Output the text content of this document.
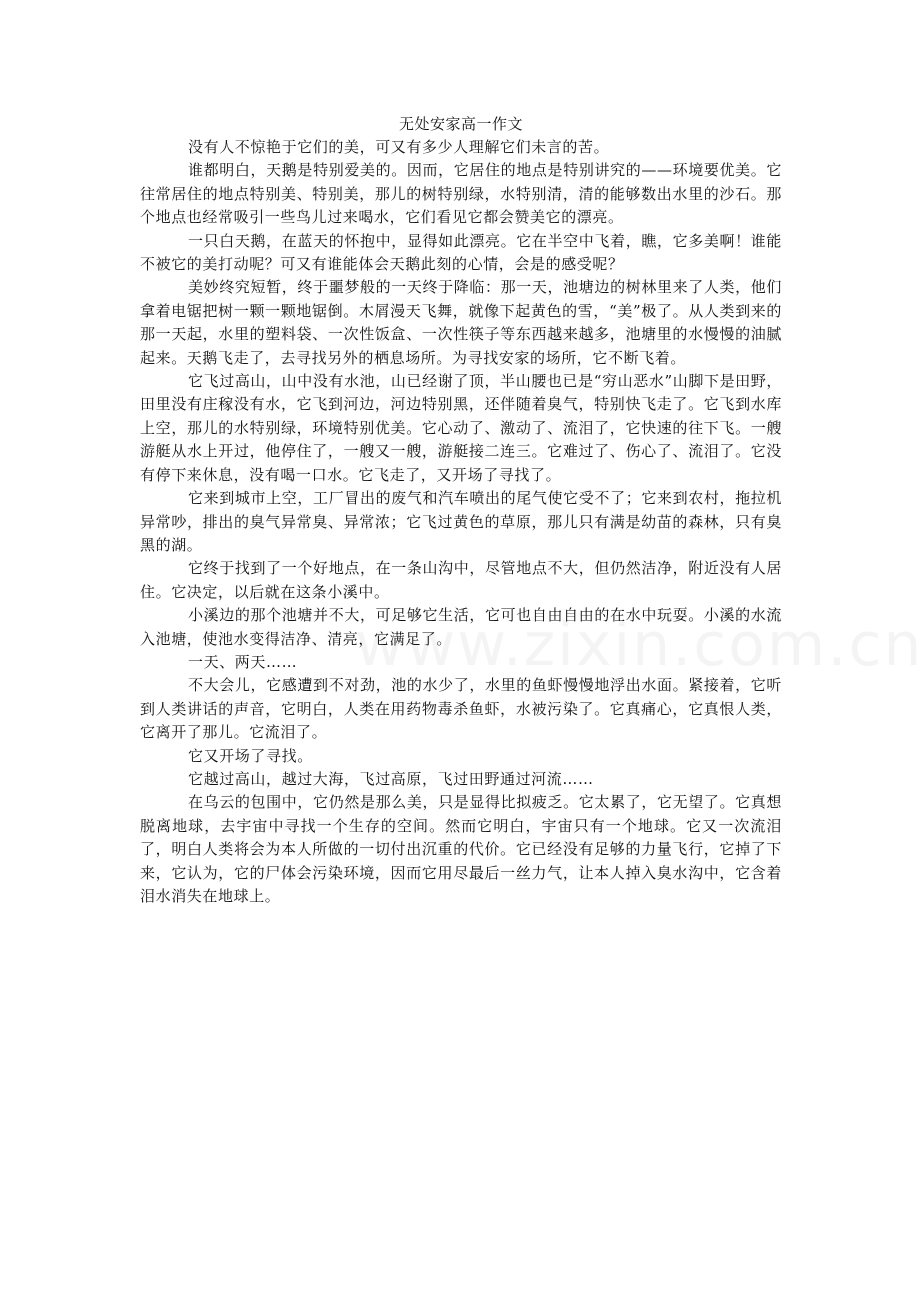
无处安家高一作文

没有人不惊艳于它们的美，可又有多少人理解它们未言的苦。

谁都明白，天鹅是特别爱美的。因而，它居住的地点是特别讲究的——环境要优美。它往常居住的地点特别美、特别美，那儿的树特别绿，水特别清，清的能够数出水里的沙石。那个地点也经常吸引一些鸟儿过来喝水，它们看见它都会赞美它的漂亮。

一只白天鹅，在蓝天的怀抱中，显得如此漂亮。它在半空中飞着，瞧，它多美啊！谁能不被它的美打动呢？可又有谁能体会天鹅此刻的心情，会是的感受呢？

美妙终究短暂，终于噩梦般的一天终于降临：那一天，池塘边的树林里来了人类，他们拿着电锯把树一颗一颗地锯倒。木屑漫天飞舞，就像下起黄色的雪，“美”极了。从人类到来的那一天起，水里的塑料袋、一次性饭盒、一次性筷子等东西越来越多，池塘里的水慢慢的油腻起来。天鹅飞走了，去寻找另外的栖息场所。为寻找安家的场所，它不断飞着。

它飞过高山，山中没有水池，山已经谢了顶，半山腰也已是“穷山恶水”山脚下是田野，田里没有庄稼没有水，它飞到河边，河边特别黑，还伴随着臭气，特别快飞走了。它飞到水库上空，那儿的水特别绿，环境特别优美。它心动了、激动了、流泪了，它快速的往下飞。一艘游艇从水上开过，他停住了，一艘又一艘，游艇接二连三。它难过了、伤心了、流泪了。它没有停下来休息，没有喝一口水。它飞走了，又开场了寻找了。

它来到城市上空，工厂冒出的废气和汽车喷出的尾气使它受不了；它来到农村，拖拉机异常吵，排出的臭气异常臭、异常浓；它飞过黄色的草原，那儿只有满是幼苗的森林，只有臭黑的湖。

它终于找到了一个好地点，在一条山沟中，尽管地点不大，但仍然洁净，附近没有人居住。它决定，以后就在这条小溪中。

小溪边的那个池塘并不大，可足够它生活，它可也自由自由的在水中玩耍。小溪的水流入池塘，使池水变得洁净、清亮，它满足了。

一天、两天……

不大会儿，它感遭到不对劲，池的水少了，水里的鱼虾慢慢地浮出水面。紧接着，它听到人类讲话的声音，它明白，人类在用药物毒杀鱼虾，水被污染了。它真痛心，它真恨人类，它离开了那儿。它流泪了。

它又开场了寻找。

它越过高山，越过大海，飞过高原，飞过田野通过河流……

在乌云的包围中，它仍然是那么美，只是显得比拟疲乏。它太累了，它无望了。它真想脱离地球，去宇宙中寻找一个生存的空间。然而它明白，宇宙只有一个地球。它又一次流泪了，明白人类将会为本人所做的一切付出沉重的代价。它已经没有足够的力量飞行，它掉了下来，它认为，它的尸体会污染环境，因而它用尽最后一丝力气，让本人掉入臭水沟中，它含着泪水消失在地球上。
